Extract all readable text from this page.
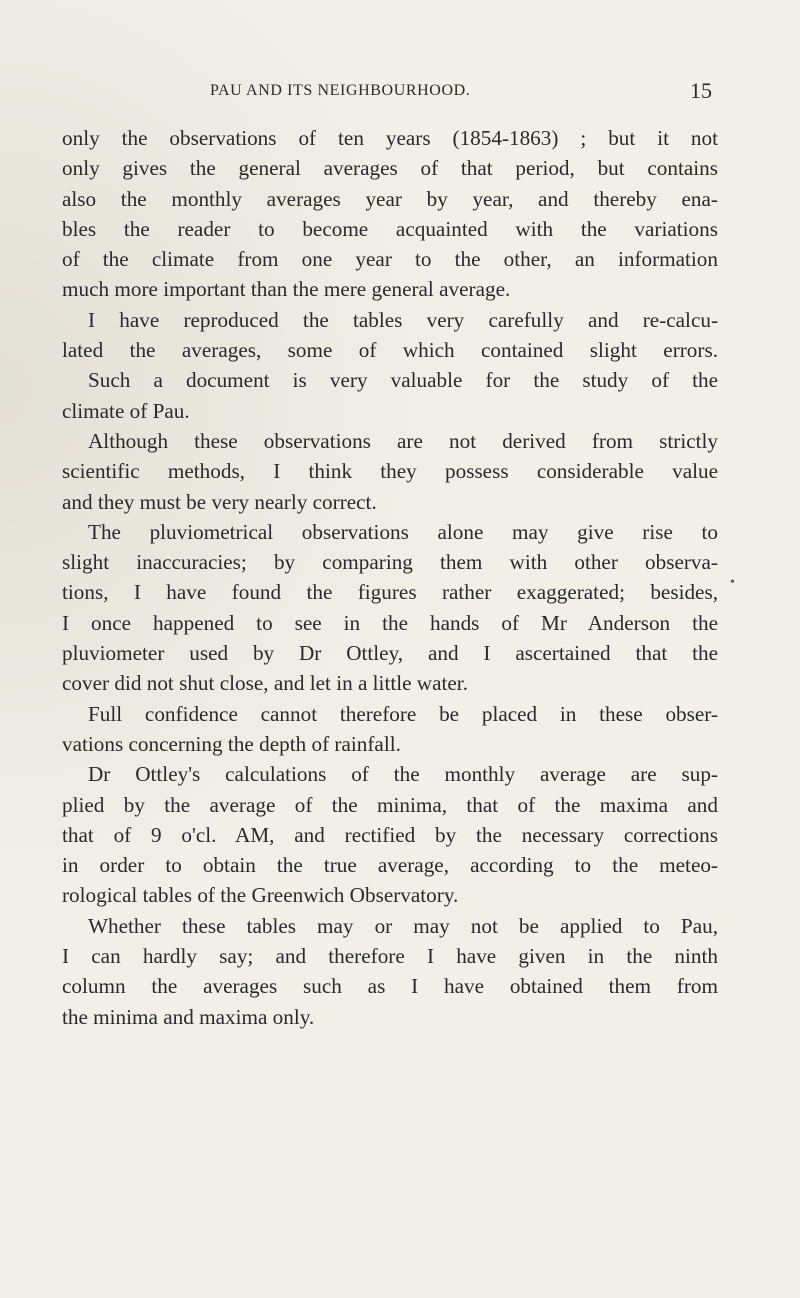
PAU AND ITS NEIGHBOURHOOD.	15
only the observations of ten years (1854-1863) ; but it not
only gives the general averages of that period, but contains
also the monthly averages year by year, and thereby ena-
bles the reader to become acquainted with the variations
of the climate from one year to the other, an information
much more important than the mere general average.
I have reproduced the tables very carefully and re-calcu-
lated the averages, some of which contained slight errors.
Such a document is very valuable for the study of the
climate of Pau.
Although these observations are not derived from strictly
scientific methods, I think they possess considerable value
and they must be very nearly correct.
The pluviometrical observations alone may give rise to
slight inaccuracies; by comparing them with other observa-
tions, I have found the figures rather exaggerated; besides,
I once happened to see in the hands of Mr Anderson the
pluviometer used by Dr Ottley, and I ascertained that the
cover did not shut close, and let in a little water.
Full confidence cannot therefore be placed in these obser-
vations concerning the depth of rainfall.
Dr Ottley's calculations of the monthly average are sup-
plied by the average of the minima, that of the maxima and
that of 9 o'cl. AM, and rectified by the necessary corrections
in order to obtain the true average, according to the meteo-
rological tables of the Greenwich Observatory.
Whether these tables may or may not be applied to Pau,
I can hardly say; and therefore I have given in the ninth
column the averages such as I have obtained them from
the minima and maxima only.
•
